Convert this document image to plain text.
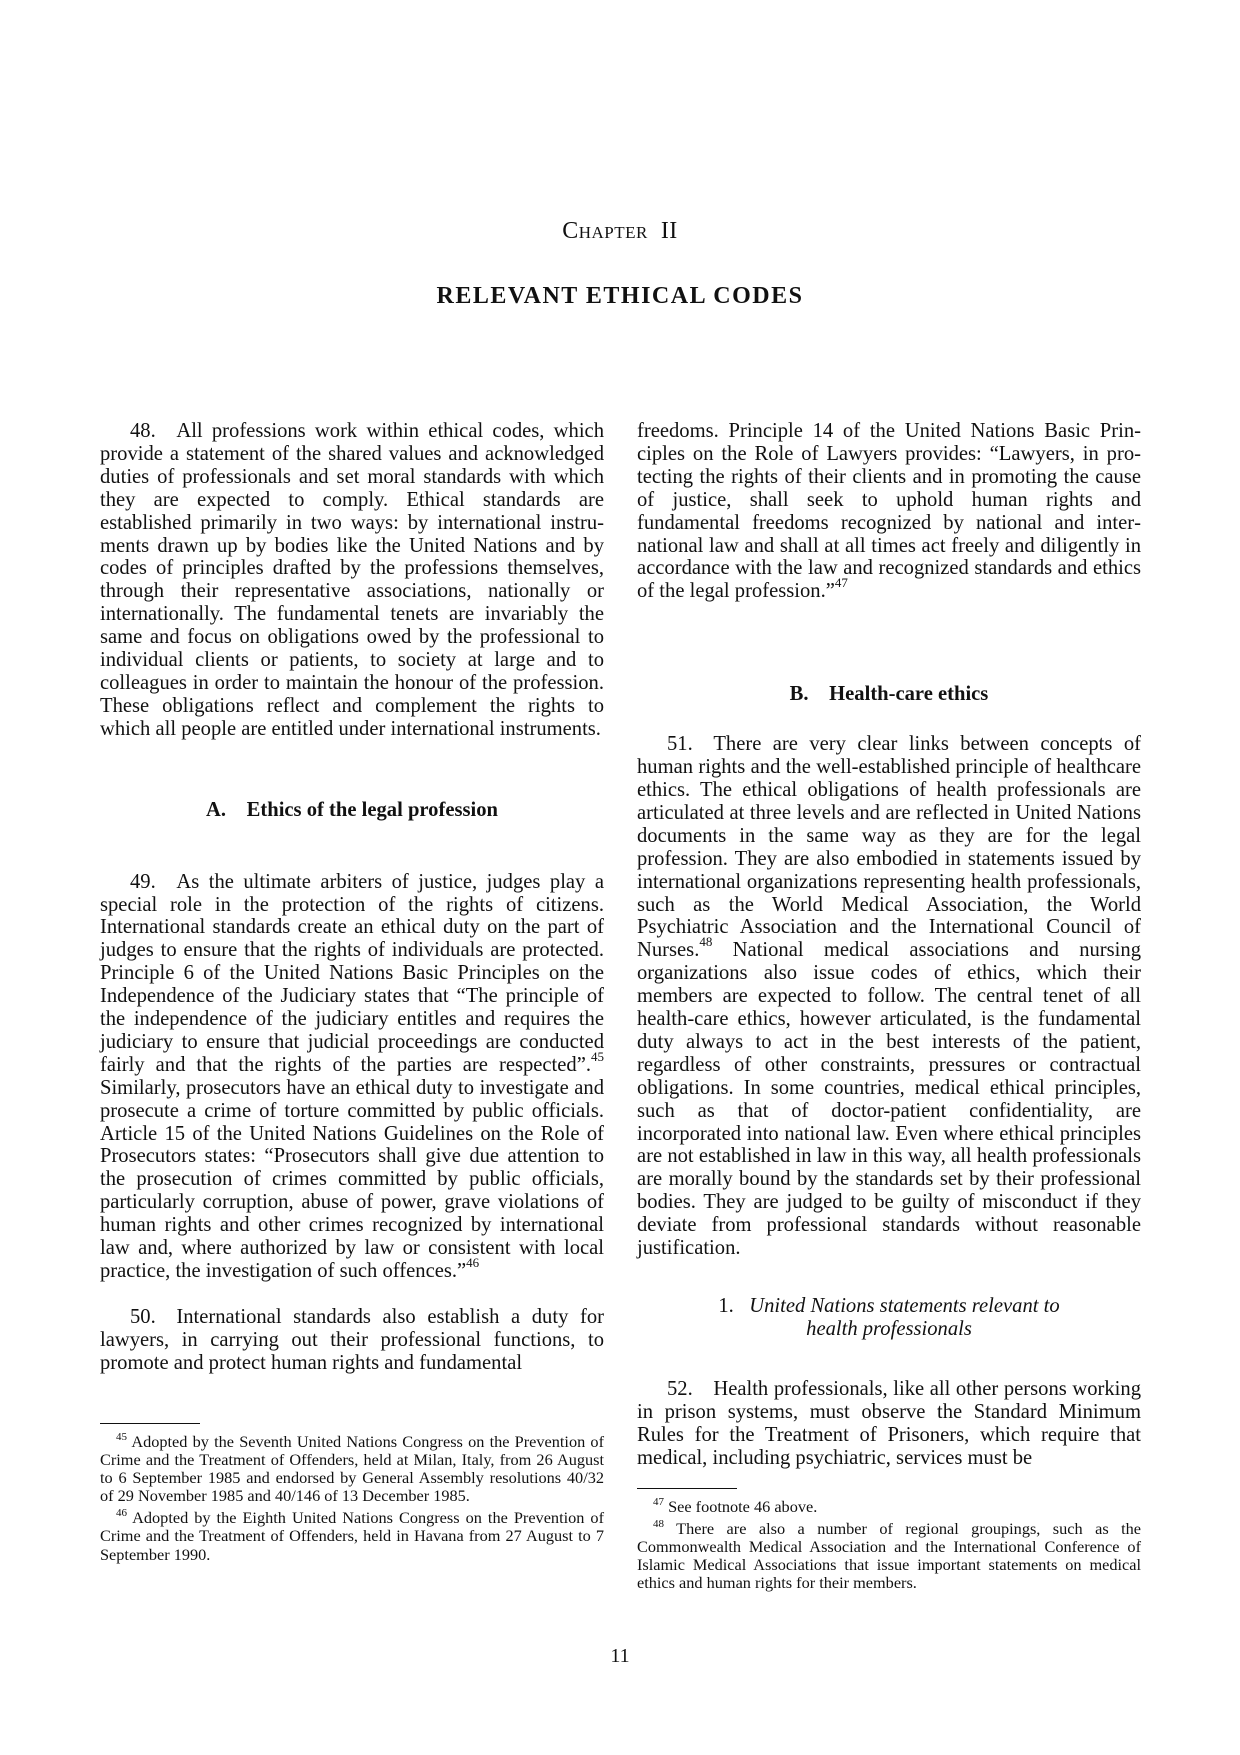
Chapter II
RELEVANT ETHICAL CODES

48. All professions work within ethical codes, which provide a statement of the shared values and acknowledged duties of professionals and set moral standards with which they are expected to comply. Ethical standards are established primarily in two ways: by international instruments drawn up by bodies like the United Nations and by codes of principles drafted by the professions themselves, through their representative associations, nationally or internationally. The fundamental tenets are invariably the same and focus on obligations owed by the professional to individual clients or patients, to society at large and to colleagues in order to maintain the honour of the profession. These obligations reflect and complement the rights to which all people are entitled under international instruments.

A. Ethics of the legal profession

49. As the ultimate arbiters of justice, judges play a special role in the protection of the rights of citizens. International standards create an ethical duty on the part of judges to ensure that the rights of individuals are protected. Principle 6 of the United Nations Basic Principles on the Independence of the Judiciary states that “The principle of the independence of the judiciary entitles and requires the judiciary to ensure that judicial proceedings are conducted fairly and that the rights of the parties are respected”.$^{45}$ Similarly, prosecutors have an ethical duty to investigate and prosecute a crime of torture committed by public officials. Article 15 of the United Nations Guidelines on the Role of Prosecutors states: “Prosecutors shall give due attention to the prosecution of crimes committed by public officials, particularly corruption, abuse of power, grave violations of human rights and other crimes recognized by international law and, where authorized by law or consistent with local practice, the investigation of such offences.”$^{46}$

50. International standards also establish a duty for lawyers, in carrying out their professional functions, to promote and protect human rights and fundamental

$^{45}$ Adopted by the Seventh United Nations Congress on the Prevention of Crime and the Treatment of Offenders, held at Milan, Italy, from 26 August to 6 September 1985 and endorsed by General Assembly resolutions 40/32 of 29 November 1985 and 40/146 of 13 December 1985.

$^{46}$ Adopted by the Eighth United Nations Congress on the Prevention of Crime and the Treatment of Offenders, held in Havana from 27 August to 7 September 1990.

freedoms. Principle 14 of the United Nations Basic Principles on the Role of Lawyers provides: “Lawyers, in protecting the rights of their clients and in promoting the cause of justice, shall seek to uphold human rights and fundamental freedoms recognized by national and international law and shall at all times act freely and diligently in accordance with the law and recognized standards and ethics of the legal profession.”$^{47}$

B. Health-care ethics

51. There are very clear links between concepts of human rights and the well-established principle of healthcare ethics. The ethical obligations of health professionals are articulated at three levels and are reflected in United Nations documents in the same way as they are for the legal profession. They are also embodied in statements issued by international organizations representing health professionals, such as the World Medical Association, the World Psychiatric Association and the International Council of Nurses.$^{48}$ National medical associations and nursing organizations also issue codes of ethics, which their members are expected to follow. The central tenet of all health-care ethics, however articulated, is the fundamental duty always to act in the best interests of the patient, regardless of other constraints, pressures or contractual obligations. In some countries, medical ethical principles, such as that of doctor-patient confidentiality, are incorporated into national law. Even where ethical principles are not established in law in this way, all health professionals are morally bound by the standards set by their professional bodies. They are judged to be guilty of misconduct if they deviate from professional standards without reasonable justification.

1. United Nations statements relevant to
health professionals

52. Health professionals, like all other persons working in prison systems, must observe the Standard Minimum Rules for the Treatment of Prisoners, which require that medical, including psychiatric, services must be

$^{47}$ See footnote 46 above.

$^{48}$ There are also a number of regional groupings, such as the Commonwealth Medical Association and the International Conference of Islamic Medical Associations that issue important statements on medical ethics and human rights for their members.

11
